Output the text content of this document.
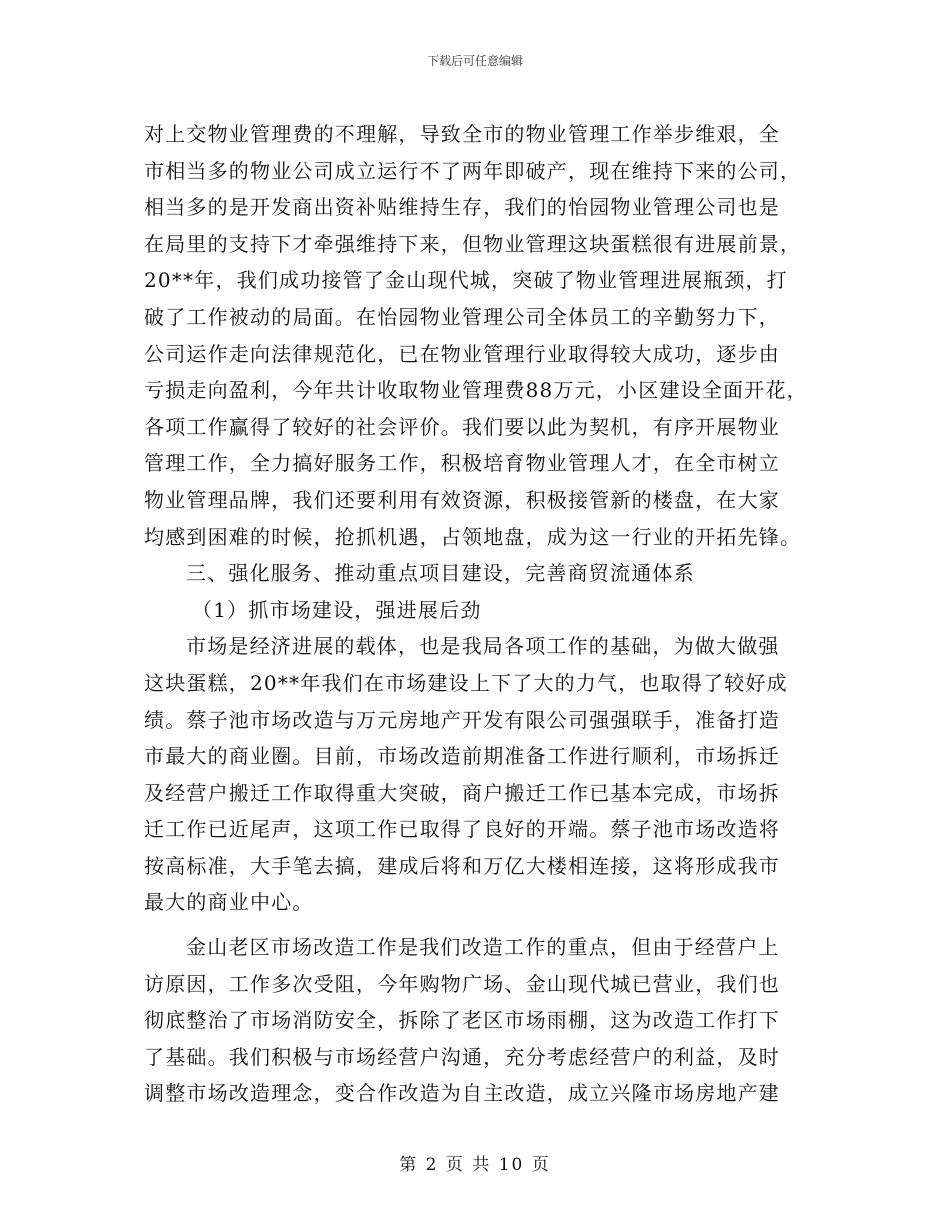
下载后可任意编辑
对上交物业管理费的不理解，导致全市的物业管理工作举步维艰，全
市相当多的物业公司成立运行不了两年即破产，现在维持下来的公司，
相当多的是开发商出资补贴维持生存，我们的怡园物业管理公司也是
在局里的支持下才牵强维持下来，但物业管理这块蛋糕很有进展前景，
20**年，我们成功接管了金山现代城，突破了物业管理进展瓶颈，打
破了工作被动的局面。在怡园物业管理公司全体员工的辛勤努力下，
公司运作走向法律规范化，已在物业管理行业取得较大成功，逐步由
亏损走向盈利，今年共计收取物业管理费88万元，小区建设全面开花，
各项工作赢得了较好的社会评价。我们要以此为契机，有序开展物业
管理工作，全力搞好服务工作，积极培育物业管理人才，在全市树立
物业管理品牌，我们还要利用有效资源，积极接管新的楼盘，在大家
均感到困难的时候，抢抓机遇，占领地盘，成为这一行业的开拓先锋。
三、强化服务、推动重点项目建设，完善商贸流通体系
（1）抓市场建设，强进展后劲
市场是经济进展的载体，也是我局各项工作的基础，为做大做强
这块蛋糕，20**年我们在市场建设上下了大的力气，也取得了较好成
绩。蔡子池市场改造与万元房地产开发有限公司强强联手，准备打造
市最大的商业圈。目前，市场改造前期准备工作进行顺利，市场拆迁
及经营户搬迁工作取得重大突破，商户搬迁工作已基本完成，市场拆
迁工作已近尾声，这项工作已取得了良好的开端。蔡子池市场改造将
按高标准，大手笔去搞，建成后将和万亿大楼相连接，这将形成我市
最大的商业中心。
金山老区市场改造工作是我们改造工作的重点，但由于经营户上
访原因，工作多次受阻，今年购物广场、金山现代城已营业，我们也
彻底整治了市场消防安全，拆除了老区市场雨棚，这为改造工作打下
了基础。我们积极与市场经营户沟通，充分考虑经营户的利益，及时
调整市场改造理念，变合作改造为自主改造，成立兴隆市场房地产建
第 2 页 共 10 页
